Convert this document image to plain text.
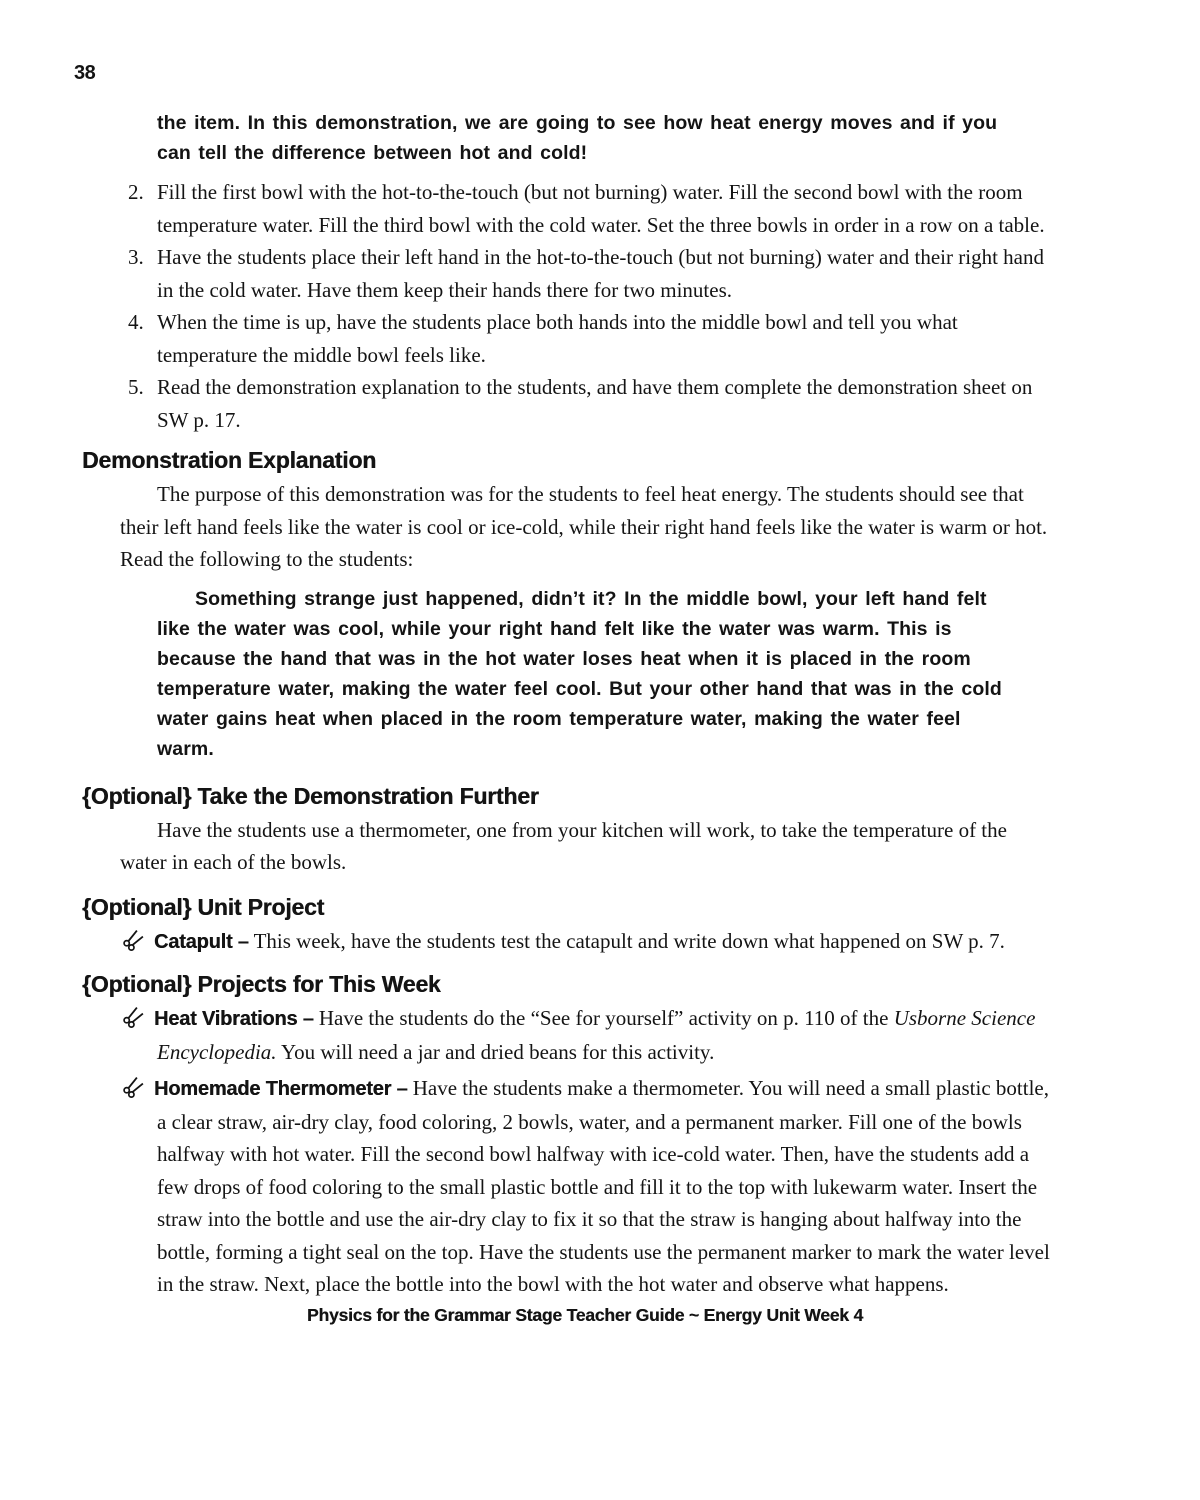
38
the item. In this demonstration, we are going to see how heat energy moves and if you can tell the difference between hot and cold!
2. Fill the first bowl with the hot-to-the-touch (but not burning) water. Fill the second bowl with the room temperature water. Fill the third bowl with the cold water. Set the three bowls in order in a row on a table.
3. Have the students place their left hand in the hot-to-the-touch (but not burning) water and their right hand in the cold water. Have them keep their hands there for two minutes.
4. When the time is up, have the students place both hands into the middle bowl and tell you what temperature the middle bowl feels like.
5. Read the demonstration explanation to the students, and have them complete the demonstration sheet on SW p. 17.
Demonstration Explanation
The purpose of this demonstration was for the students to feel heat energy. The students should see that their left hand feels like the water is cool or ice-cold, while their right hand feels like the water is warm or hot. Read the following to the students:
Something strange just happened, didn’t it? In the middle bowl, your left hand felt like the water was cool, while your right hand felt like the water was warm. This is because the hand that was in the hot water loses heat when it is placed in the room temperature water, making the water feel cool. But your other hand that was in the cold water gains heat when placed in the room temperature water, making the water feel warm.
{Optional} Take the Demonstration Further
Have the students use a thermometer, one from your kitchen will work, to take the temperature of the water in each of the bowls.
{Optional} Unit Project
Catapult – This week, have the students test the catapult and write down what happened on SW p. 7.
{Optional} Projects for This Week
Heat Vibrations – Have the students do the “See for yourself” activity on p. 110 of the Usborne Science Encyclopedia. You will need a jar and dried beans for this activity.
Homemade Thermometer – Have the students make a thermometer. You will need a small plastic bottle, a clear straw, air-dry clay, food coloring, 2 bowls, water, and a permanent marker. Fill one of the bowls halfway with hot water. Fill the second bowl halfway with ice-cold water. Then, have the students add a few drops of food coloring to the small plastic bottle and fill it to the top with lukewarm water. Insert the straw into the bottle and use the air-dry clay to fix it so that the straw is hanging about halfway into the bottle, forming a tight seal on the top. Have the students use the permanent marker to mark the water level in the straw. Next, place the bottle into the bowl with the hot water and observe what happens.
Physics for the Grammar Stage Teacher Guide ~ Energy Unit Week 4
